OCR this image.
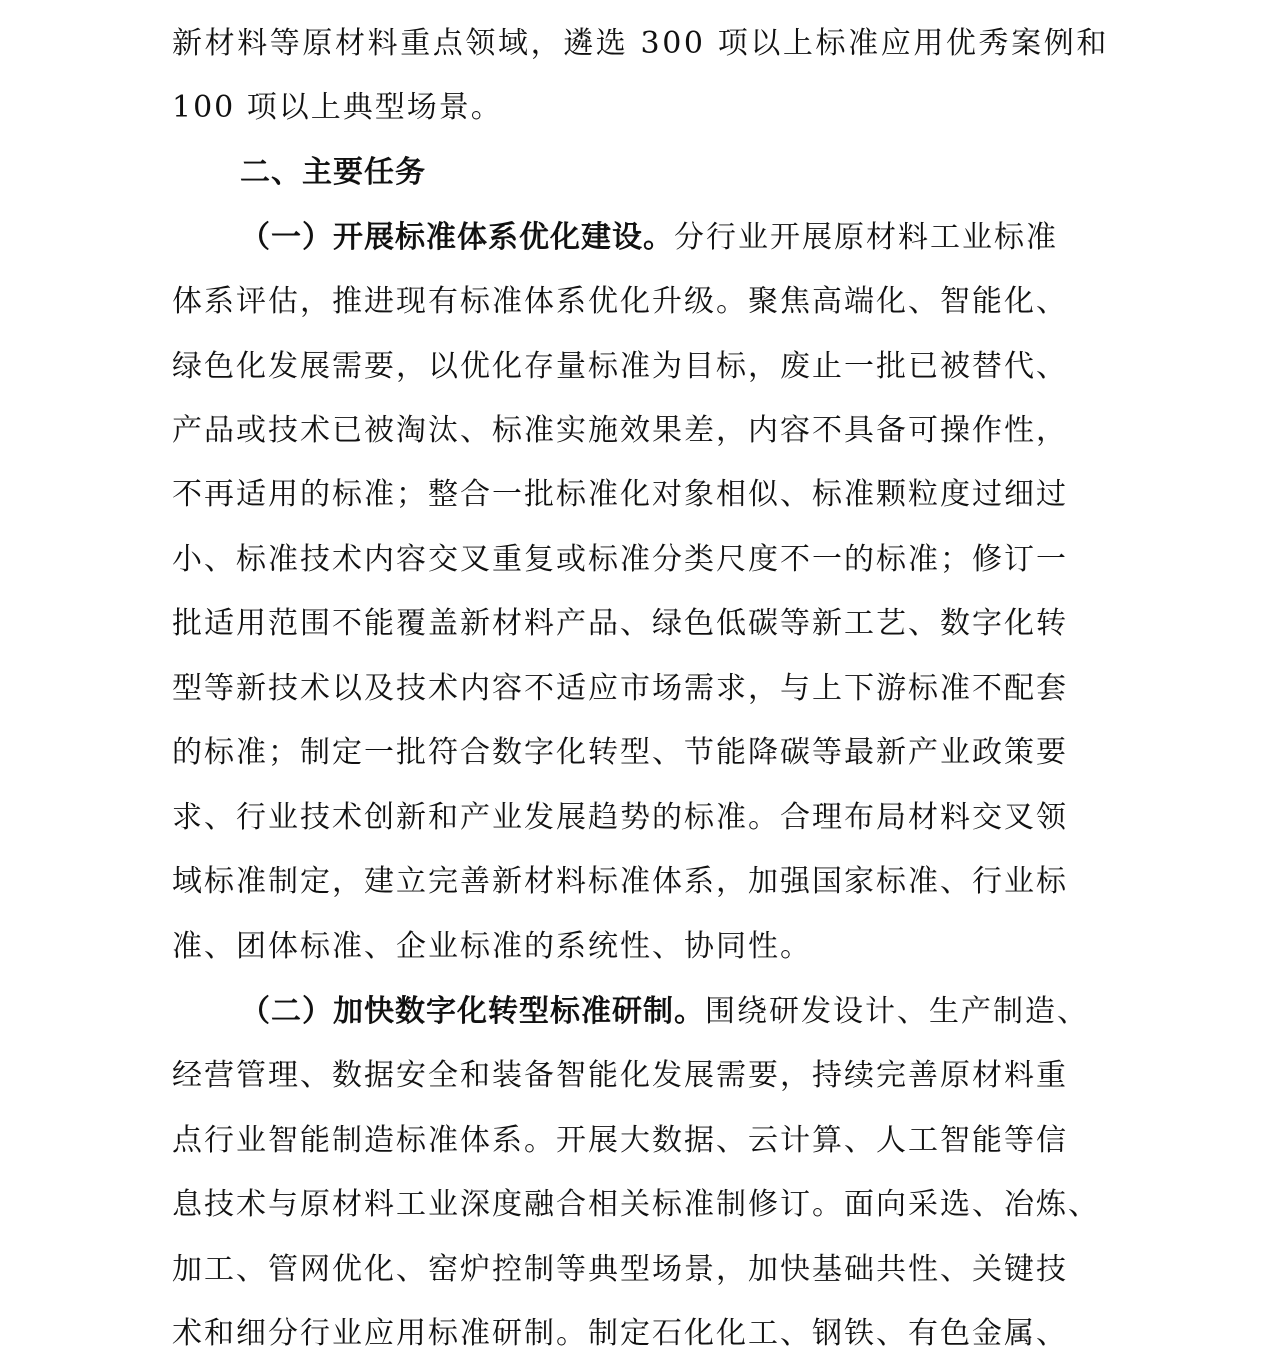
新材料等原材料重点领域，遴选 300 项以上标准应用优秀案例和
100 项以上典型场景。
二、主要任务
（一）开展标准体系优化建设。分行业开展原材料工业标准
体系评估，推进现有标准体系优化升级。聚焦高端化、智能化、
绿色化发展需要，以优化存量标准为目标，废止一批已被替代、
产品或技术已被淘汰、标准实施效果差，内容不具备可操作性，
不再适用的标准；整合一批标准化对象相似、标准颗粒度过细过
小、标准技术内容交叉重复或标准分类尺度不一的标准；修订一
批适用范围不能覆盖新材料产品、绿色低碳等新工艺、数字化转
型等新技术以及技术内容不适应市场需求，与上下游标准不配套
的标准；制定一批符合数字化转型、节能降碳等最新产业政策要
求、行业技术创新和产业发展趋势的标准。合理布局材料交叉领
域标准制定，建立完善新材料标准体系，加强国家标准、行业标
准、团体标准、企业标准的系统性、协同性。
（二）加快数字化转型标准研制。围绕研发设计、生产制造、
经营管理、数据安全和装备智能化发展需要，持续完善原材料重
点行业智能制造标准体系。开展大数据、云计算、人工智能等信
息技术与原材料工业深度融合相关标准制修订。面向采选、冶炼、
加工、管网优化、窑炉控制等典型场景，加快基础共性、关键技
术和细分行业应用标准研制。制定石化化工、钢铁、有色金属、
